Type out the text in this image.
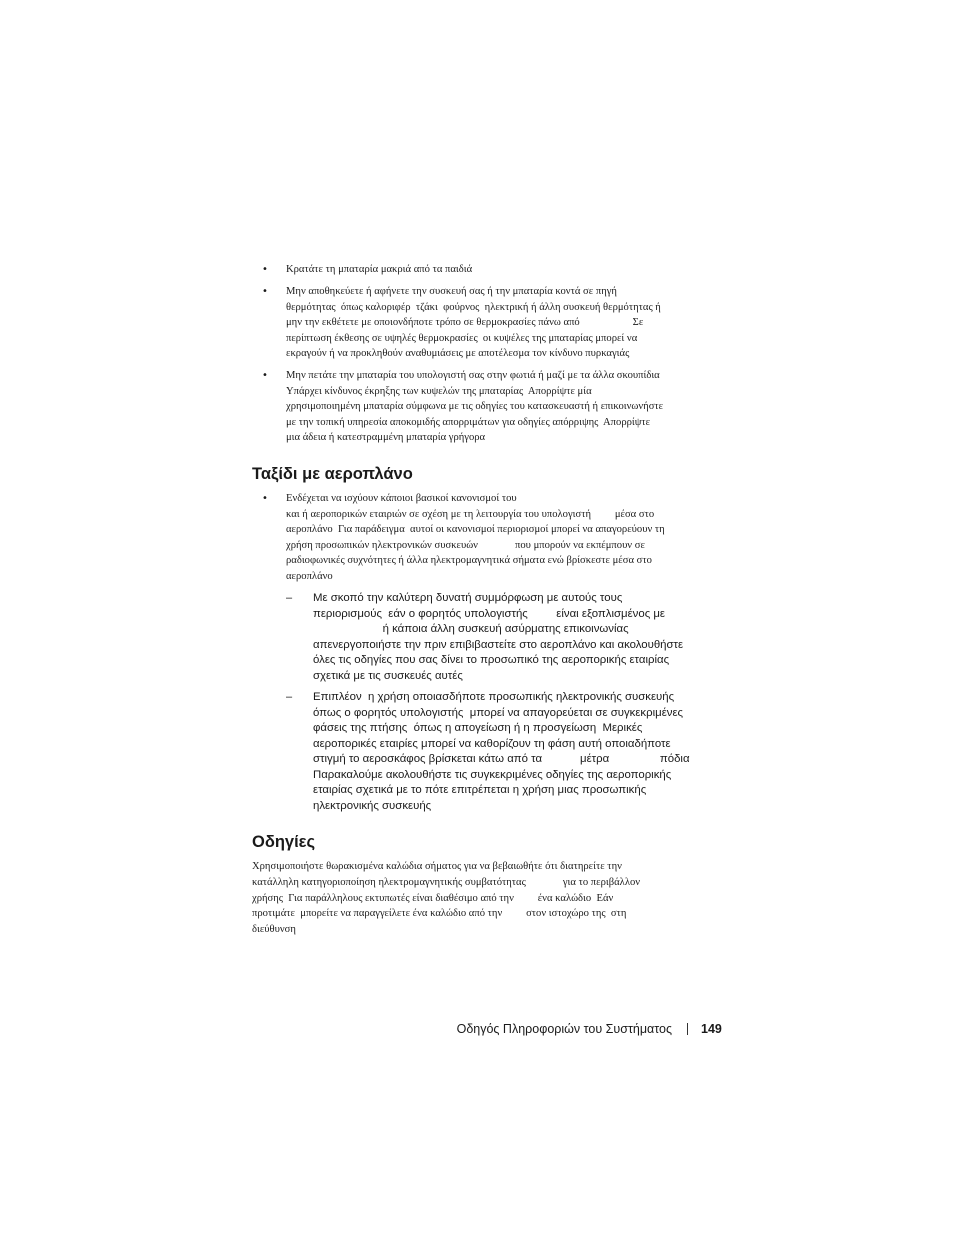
• Κρατάτε τη μπαταρία μακριά από τα παιδιά
• Μην αποθηκεύετε ή αφήνετε την συσκευή σας ή την μπαταρία κοντά σε πηγή
θερμότητας  όπως καλοριφέρ  τζάκι  φούρνος  ηλεκτρική ή άλλη συσκευή θερμότητας ή
μην την εκθέτετε με οποιονδήποτε τρόπο σε θερμοκρασίες πάνω από                    Σε
περίπτωση έκθεσης σε υψηλές θερμοκρασίες  οι κυψέλες της μπαταρίας μπορεί να
εκραγούν ή να προκληθούν αναθυμιάσεις με αποτέλεσμα τον κίνδυνο πυρκαγιάς
• Μην πετάτε την μπαταρία του υπολογιστή σας στην φωτιά ή μαζί με τα άλλα σκουπίδια
Υπάρχει κίνδυνος έκρηξης των κυψελών της μπαταρίας  Απορρίψτε μία
χρησιμοποιημένη μπαταρία σύμφωνα με τις οδηγίες του κατασκευαστή ή επικοινωνήστε
με την τοπική υπηρεσία αποκομιδής απορριμάτων για οδηγίες απόρριψης  Απορρίψτε
μια άδεια ή κατεστραμμένη μπαταρία γρήγορα
Ταξίδι με αεροπλάνο
• Ενδέχεται να ισχύουν κάποιοι βασικοί κανονισμοί του
και ή αεροπορικών εταιριών σε σχέση με τη λειτουργία του υπολογιστή         μέσα στο
αεροπλάνο  Για παράδειγμα  αυτοί οι κανονισμοί περιορισμοί μπορεί να απαγορεύουν τη
χρήση προσωπικών ηλεκτρονικών συσκευών              που μπορούν να εκπέμπουν σε
ραδιοφωνικές συχνότητες ή άλλα ηλεκτρομαγνητικά σήματα ενώ βρίσκεστε μέσα στο
αεροπλάνο
– Με σκοπό την καλύτερη δυνατή συμμόρφωση με αυτούς τους
περιορισμούς  εάν ο φορητός υπολογιστής         είναι εξοπλισμένος με
ή κάποια άλλη συσκευή ασύρματης επικοινωνίας
απενεργοποιήστε την πριν επιβιβαστείτε στο αεροπλάνο και ακολουθήστε
όλες τις οδηγίες που σας δίνει το προσωπικό της αεροπορικής εταιρίας
σχετικά με τις συσκευές αυτές
– Επιπλέον  η χρήση οποιασδήποτε προσωπικής ηλεκτρονικής συσκευής
όπως ο φορητός υπολογιστής  μπορεί να απαγορεύεται σε συγκεκριμένες
φάσεις της πτήσης  όπως η απογείωση ή η προσγείωση  Μερικές
αεροπορικές εταιρίες μπορεί να καθορίζουν τη φάση αυτή οποιαδήποτε
στιγμή το αεροσκάφος βρίσκεται κάτω από τα            μέτρα                πόδια
Παρακαλούμε ακολουθήστε τις συγκεκριμένες οδηγίες της αεροπορικής
εταιρίας σχετικά με το πότε επιτρέπεται η χρήση μιας προσωπικής
ηλεκτρονικής συσκευής
Οδηγίες
Χρησιμοποιήστε θωρακισμένα καλώδια σήματος για να βεβαιωθήτε ότι διατηρείτε την
κατάλληλη κατηγοριοποίηση ηλεκτρομαγνητικής συμβατότητας              για το περιβάλλον
χρήσης  Για παράλληλους εκτυπωτές είναι διαθέσιμο από την         ένα καλώδιο  Εάν
προτιμάτε  μπορείτε να παραγγείλετε ένα καλώδιο από την         στον ιστοχώρο της  στη
διεύθυνση
Οδηγός Πληροφοριών του Συστήματος 149
